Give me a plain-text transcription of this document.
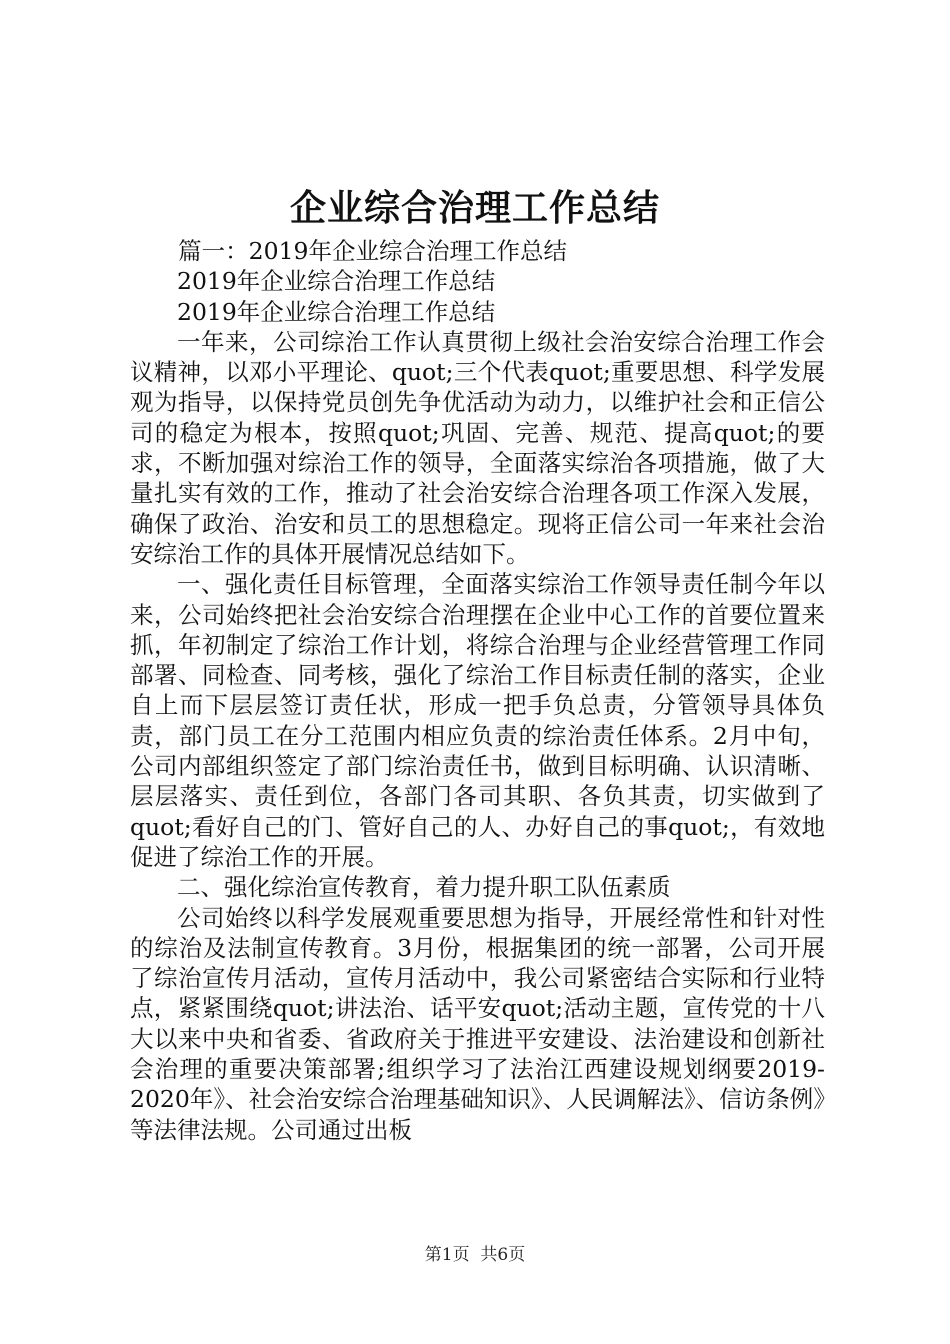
企业综合治理工作总结

篇一：2019年企业综合治理工作总结

2019年企业综合治理工作总结

2019年企业综合治理工作总结

一年来，公司综治工作认真贯彻上级社会治安综合治理工作会议精神，以邓小平理论、quot;三个代表quot;重要思想、科学发展观为指导，以保持党员创先争优活动为动力，以维护社会和正信公司的稳定为根本，按照quot;巩固、完善、规范、提高quot;的要求，不断加强对综治工作的领导，全面落实综治各项措施，做了大量扎实有效的工作，推动了社会治安综合治理各项工作深入发展，确保了政治、治安和员工的思想稳定。现将正信公司一年来社会治安综治工作的具体开展情况总结如下。

一、强化责任目标管理，全面落实综治工作领导责任制今年以来，公司始终把社会治安综合治理摆在企业中心工作的首要位置来抓，年初制定了综治工作计划，将综合治理与企业经营管理工作同部署、同检查、同考核，强化了综治工作目标责任制的落实，企业自上而下层层签订责任状，形成一把手负总责，分管领导具体负责，部门员工在分工范围内相应负责的综治责任体系。2月中旬，公司内部组织签定了部门综治责任书，做到目标明确、认识清晰、层层落实、责任到位，各部门各司其职、各负其责，切实做到了quot;看好自己的门、管好自己的人、办好自己的事quot;，有效地促进了综治工作的开展。

二、强化综治宣传教育，着力提升职工队伍素质

公司始终以科学发展观重要思想为指导，开展经常性和针对性的综治及法制宣传教育。3月份，根据集团的统一部署，公司开展了综治宣传月活动，宣传月活动中，我公司紧密结合实际和行业特点，紧紧围绕quot;讲法治、话平安quot;活动主题，宣传党的十八大以来中央和省委、省政府关于推进平安建设、法治建设和创新社会治理的重要决策部署;组织学习了法治江西建设规划纲要2019-2020年》、社会治安综合治理基础知识》、人民调解法》、信访条例》等法律法规。公司通过出板

第1页 共6页
